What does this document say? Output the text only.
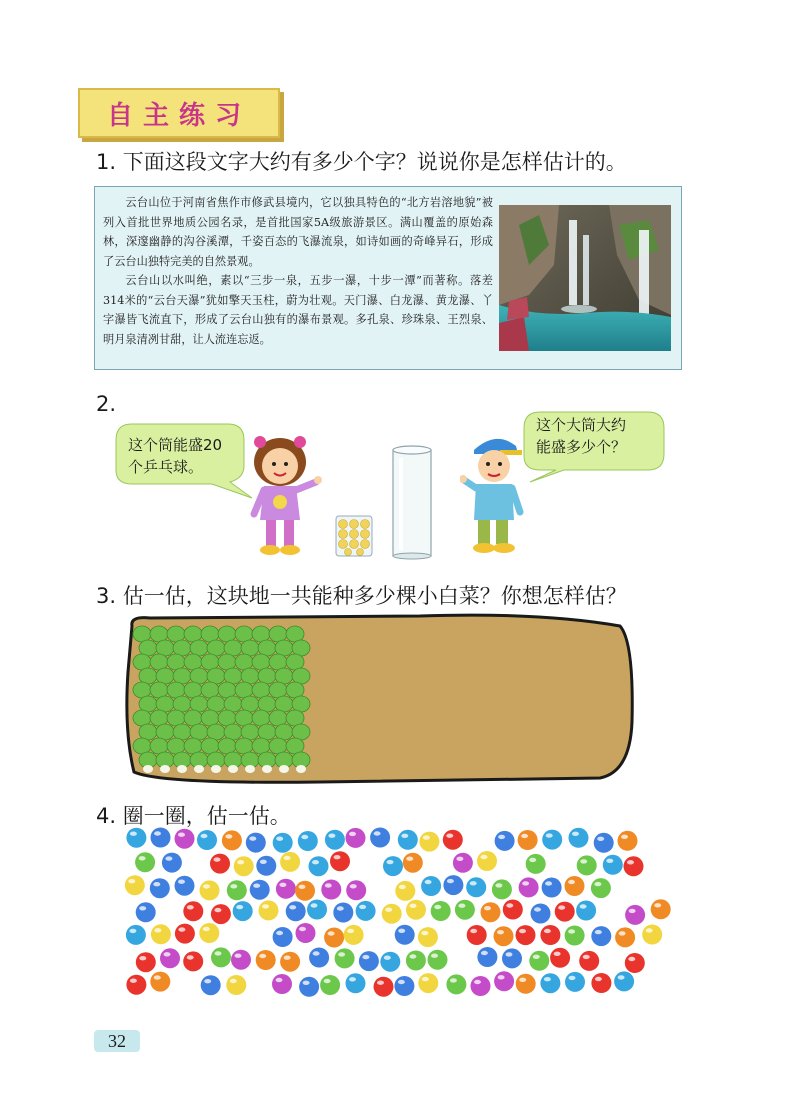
自主练习
1. 下面这段文字大约有多少个字？说说你是怎样估计的。

云台山位于河南省焦作市修武县境内，它以独具特色的“北方岩溶地貌”被列入首批世界地质公园名录，是首批国家5A级旅游景区。满山覆盖的原始森林，深邃幽静的沟谷溪潭，千姿百态的飞瀑流泉，如诗如画的奇峰异石，形成了云台山独特完美的自然景观。

云台山以水叫绝，素以“三步一泉，五步一瀑，十步一潭”而著称。落差314米的“云台天瀑”犹如擎天玉柱，蔚为壮观。天门瀑、白龙瀑、黄龙瀑、丫字瀑皆飞流直下，形成了云台山独有的瀑布景观。多孔泉、珍珠泉、王烈泉、明月泉清冽甘甜，让人流连忘返。

2.
这个筒能盛20
个乒乓球。
这个大筒大约
能盛多少个？
3. 估一估，这块地一共能种多少棵小白菜？你想怎样估？
4. 圈一圈，估一估。
32
